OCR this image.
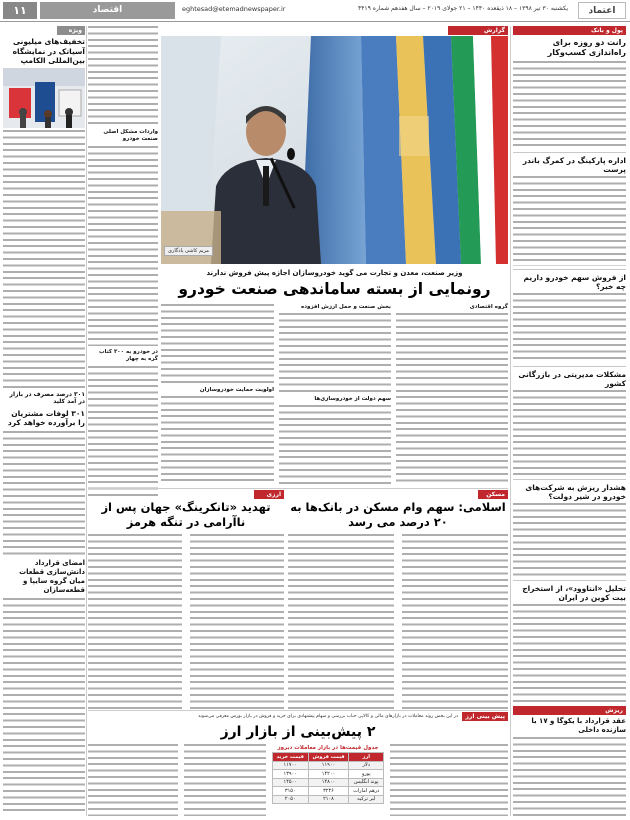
اعتماد
یکشنبه ۳۰ تیر ۱۳۹۸ – ۱۸ ذیقعده ۱۴۴۰ – ۲۱ جولای ۲۰۱۹ – سال هفدهم شماره ۴۴۱۹
eghtesad@etemadnewspaper.ir
اقتصاد
۱۱
پول و بانک
رانت دو روزه برای راه‌اندازی کسب‌وکار
اداره پارکینگ در کمرگ باندر پرست
از فروش سهم خودرو داریم چه خبر؟
مشکلات مدیریتی در بازرگانی کشور
هشدار ریزش به شرکت‌های خودرو در شیر دولت؟
تحلیل «انتاوود»، از استخراج بیت کوین در ایران
ریزش
عقد قرارداد با یکوگا و ۱۷ با سازنده داخلی
گزارش
مریم کاشی یادگاری
وزیر صنعت، معدن و تجارت می گوید خودروسازان اجازه پیش فروش ندارند
رونمایی از بسته ساماندهی صنعت خودرو
گروه اقتصادی
بخش صنعت و حمل ارزش افزوده
سهم دولت از خودروسازی‌ها
اولویت حمایت خودروسازان
واردات مشکل اصلی صنعت خودرو
در خودرو به ۳۰۰ کتاب گره به چهار
ویژه
تخفیف‌های میلیونی آسیاتک در نمایشگاه بین‌المللی الکامپ
۳۰۱ درصد مصرف در بازار در آمد کلید
۳۰۱ لوفات مشتریان را برآورده خواهد کرد
امضای قرارداد دانش‌سازی قطعات میان گروه سایپا و قطعه‌سازان
مسکن
اسلامی: سهم وام مسکن در بانک‌ها به ۲۰ درصد می رسد
ارزی
تهدید «تانکرینگ» جهان پس از ناآرامی در تنگه هرمز
پیش بینی ارز
در این بخش روند معاملات در بازارهای مالی و کالایی حباب بررسی و سهام پیشنهادی برای خرید و فروش در بازار بورس معرفی می‌شوند
۲ پیش‌بینی از بازار ارز
جدول قیمت‌ها در بازار معاملات دیروز
ارز	قیمت فروش	قیمت خرید
دلار	۱۱۹۰۰	۱۱۷۰۰
یورو	۱۴۲۰۰	۱۳۹۰۰
پوند انگلیس	۱۴۸۰۰	۱۴۵۰۰
درهم امارات	۳۲۴۶	۳۱۵۰
لیر ترکیه	۲۱۰۸	۲۰۵۰
